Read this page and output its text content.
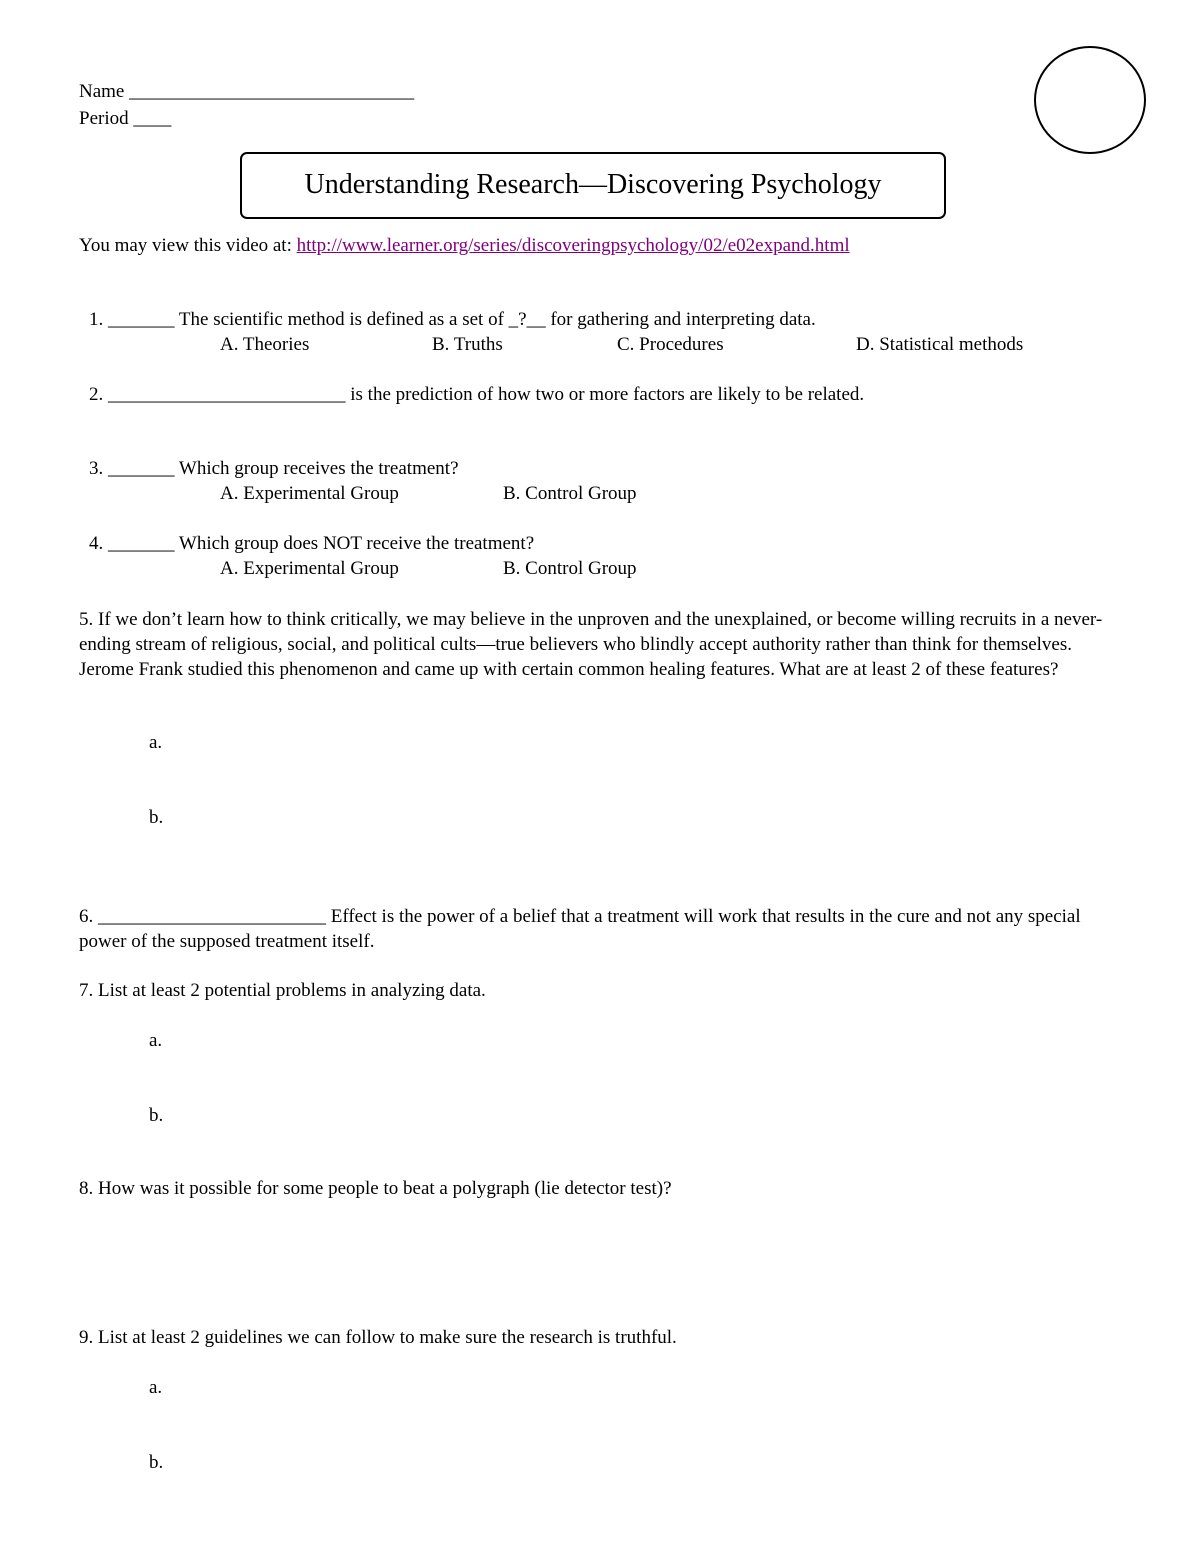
Name ______________________________
Period ____
Understanding Research—Discovering Psychology
You may view this video at: http://www.learner.org/series/discoveringpsychology/02/e02expand.html
1. _______ The scientific method is defined as a set of _?__ for gathering and interpreting data.
A. Theories	B. Truths	C. Procedures	D. Statistical methods
2. _________________________ is the prediction of how two or more factors are likely to be related.
3. _______ Which group receives the treatment?
A. Experimental Group	B. Control Group
4. _______ Which group does NOT receive the treatment?
A. Experimental Group	B. Control Group
5. If we don’t learn how to think critically, we may believe in the unproven and the unexplained, or become willing recruits in a never-ending stream of religious, social, and political cults—true believers who blindly accept authority rather than think for themselves. Jerome Frank studied this phenomenon and came up with certain common healing features. What are at least 2 of these features?
a.
b.
6. ________________________ Effect is the power of a belief that a treatment will work that results in the cure and not any special power of the supposed treatment itself.
7. List at least 2 potential problems in analyzing data.
a.
b.
8. How was it possible for some people to beat a polygraph (lie detector test)?
9. List at least 2 guidelines we can follow to make sure the research is truthful.
a.
b.
